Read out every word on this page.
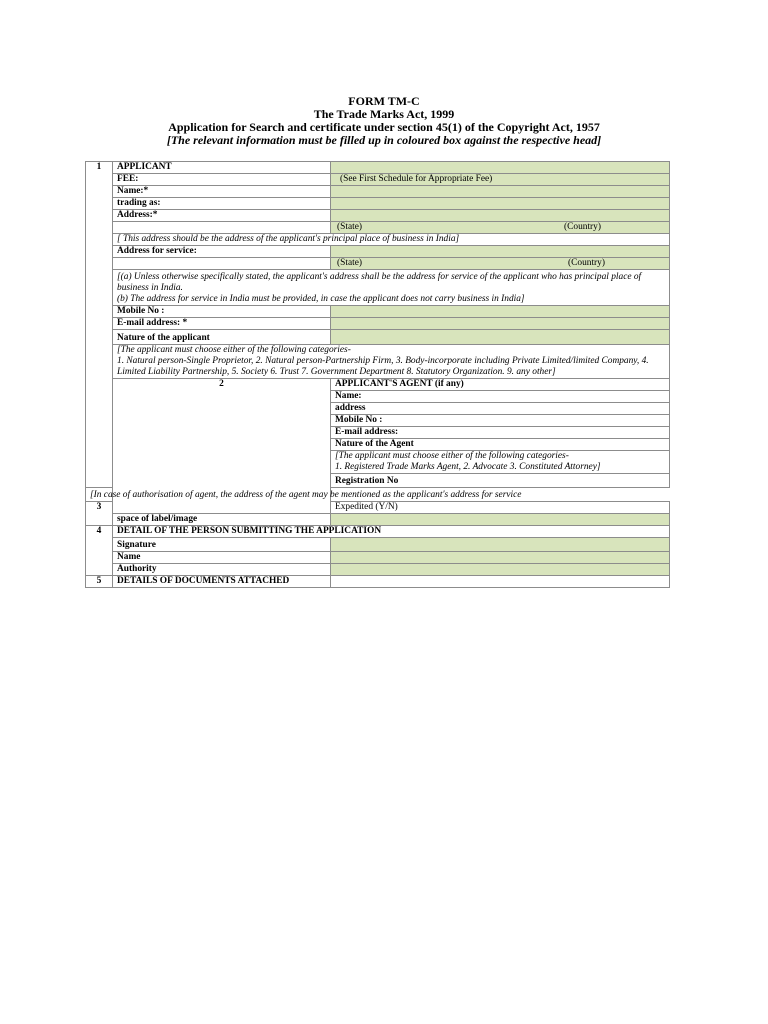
FORM TM-C
The Trade Marks Act, 1999
Application for Search and certificate under section 45(1) of the Copyright Act, 1957
[The relevant information must be filled up in coloured box against the respective head]
1	APPLICANT		
	FEE:	(See First Schedule for Appropriate Fee)	
	Name:*		
	trading as:		
	Address:*		

		(State) (Country)	

	[ This address should be the address of the applicant's principal place of business in India]		
	Address for service:		

		(State) (Country)	

	[(a) Unless otherwise specifically stated, the applicant's address shall be the address for service of the applicant who has principal place of business in India.
(b) The address for service in India must be provided, in case the applicant does not carry business in India]		
	Mobile No :		
	E-mail address: *		
	Nature of the applicant		
	[The applicant must choose either of the following categories-
1. Natural person-Single Proprietor, 2. Natural person-Partnership Firm, 3. Body-incorporate including Private Limited/limited Company, 4. Limited Liability Partnership, 5. Society 6. Trust 7. Government Department 8. Statutory Organization. 9. any other]		
	2	APPLICANT'S AGENT (if any)	
		Name:	
		address	
		Mobile No :	
		E-mail address:	
		Nature of the Agent	
		[The applicant must choose either of the following categories-
1. Registered Trade Marks Agent, 2. Advocate 3. Constituted Attorney]	
		Registration No	
[In case of authorisation of agent, the address of the agent may be mentioned as the applicant's address for service			
3		Expedited (Y/N)	
	space of label/image		
4	DETAIL OF THE PERSON SUBMITTING THE APPLICATION		
	Signature		
	Name		
	Authority		
5	DETAILS OF DOCUMENTS ATTACHED		
